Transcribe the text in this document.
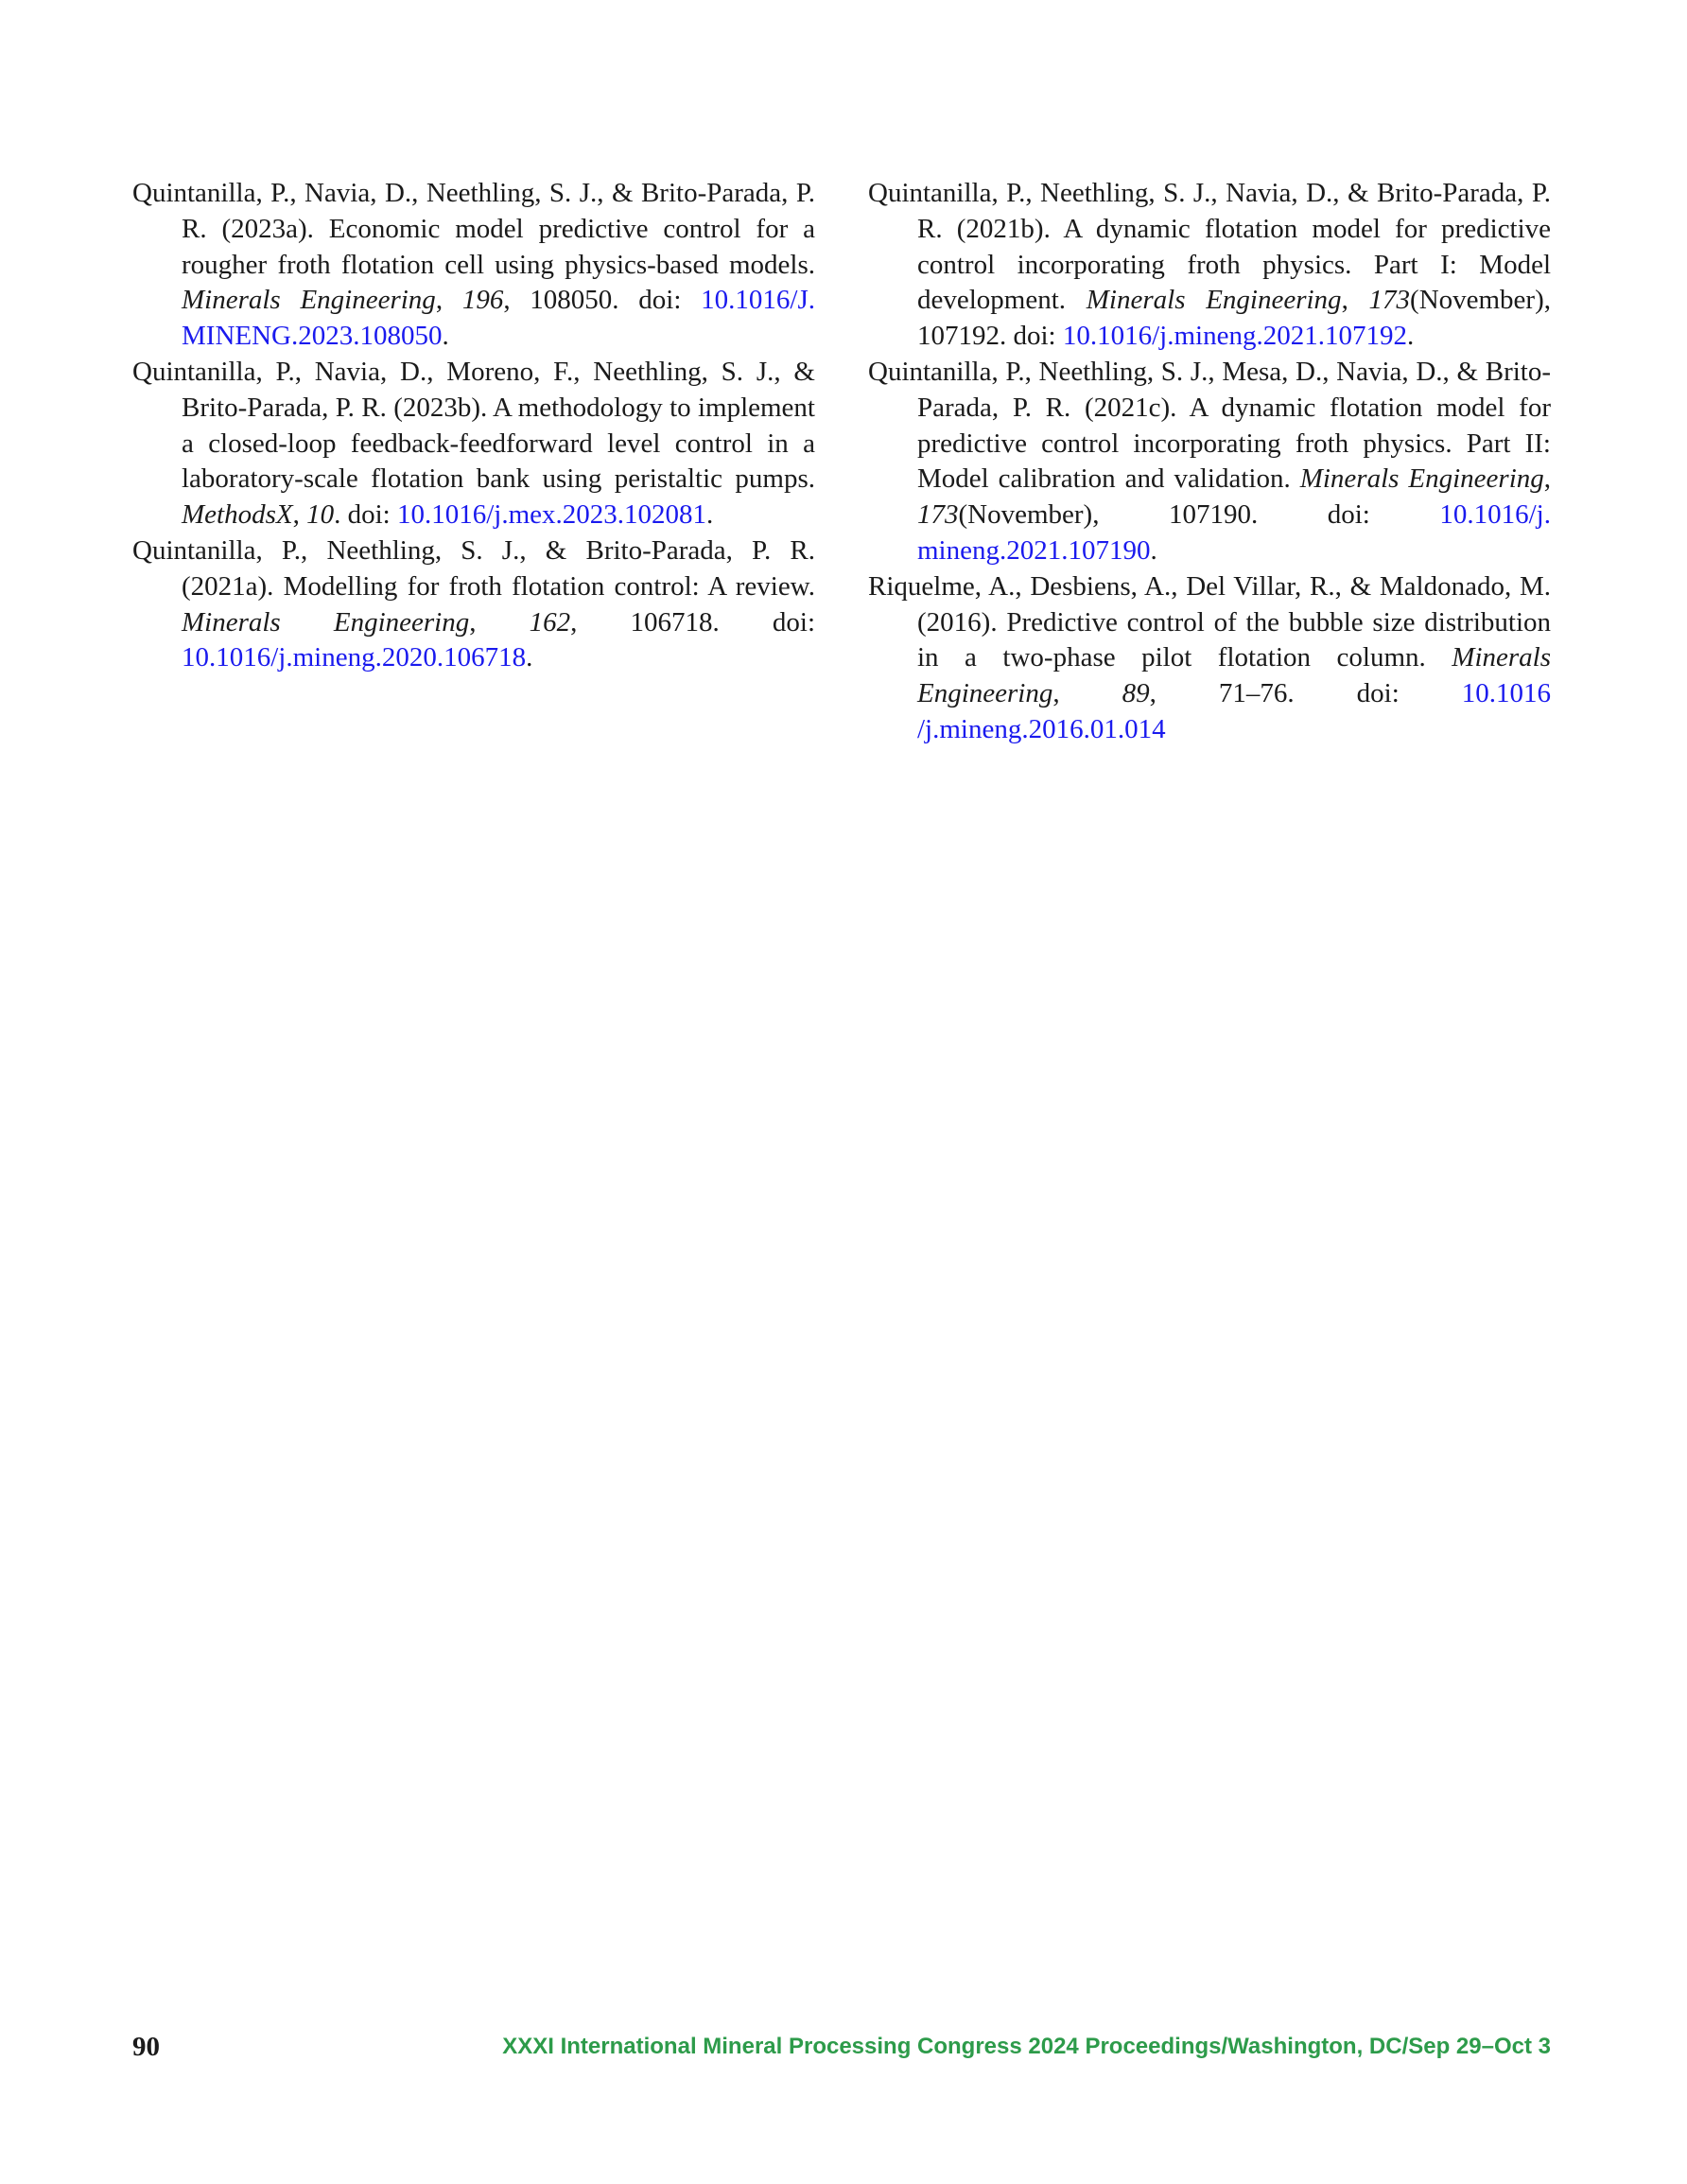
Quintanilla, P., Navia, D., Neethling, S. J., & Brito-Parada, P. R. (2023a). Economic model predictive control for a rougher froth flotation cell using physics-based models. Minerals Engineering, 196, 108050. doi: 10.1016/J.​MINENG.2023.108050.

Quintanilla, P., Navia, D., Moreno, F., Neethling, S. J., & Brito-Parada, P. R. (2023b). A methodology to implement a closed-loop feedback-feedforward level control in a laboratory-scale flotation bank using peristaltic pumps. MethodsX, 10. doi: 10.1016​/j.mex.2023.102081.

Quintanilla, P., Neethling, S. J., & Brito-Parada, P. R. (2021a). Modelling for froth flotation control: A review. Minerals Engineering, 162, 106718. doi: 10.1016/j.mineng.2020.106718.

Quintanilla, P., Neethling, S. J., Navia, D., & Brito-Parada, P. R. (2021b). A dynamic flotation model for predictive control incorporating froth physics. Part I: Model development. Minerals Engineering, 173(November), 107192. doi: 10.1016​/j.mineng.2021.107192.

Quintanilla, P., Neethling, S. J., Mesa, D., Navia, D., & Brito-Parada, P. R. (2021c). A dynamic flotation model for predictive control incorporating froth physics. Part II: Model calibration and validation. Minerals Engineering, 173(November), 107190. doi: 10.1016/j.​mineng.2021.107190.

Riquelme, A., Desbiens, A., Del Villar, R., & Maldonado, M. (2016). Predictive control of the bubble size distribution in a two-phase pilot flotation column. Minerals Engineering, 89, 71–76. doi: 10.1016​/j.mineng.2016.01.014

90	XXXI International Mineral Processing Congress 2024 Proceedings/Washington, DC/Sep 29–Oct 3
